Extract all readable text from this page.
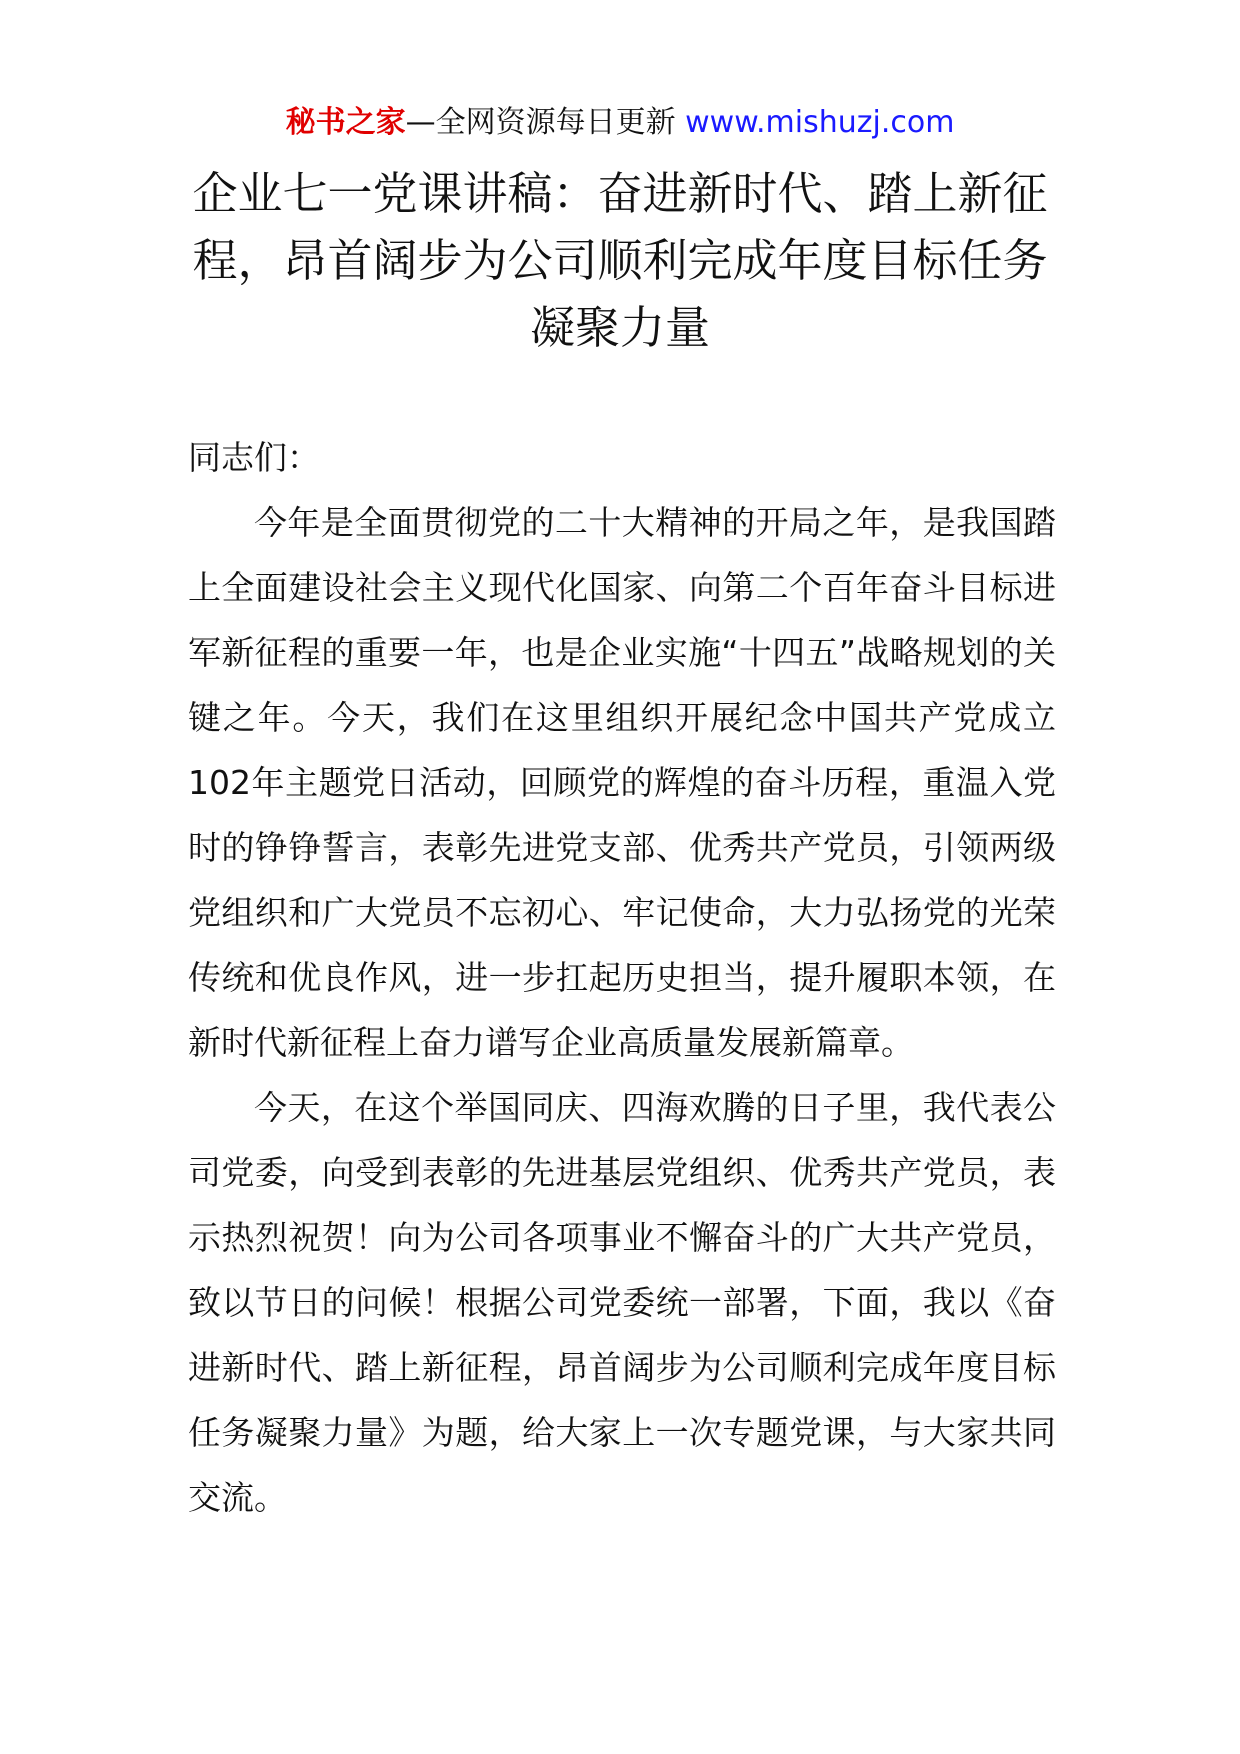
秘书之家—全网资源每日更新 www.mishuzj.com
企业七一党课讲稿：奋进新时代、踏上新征程，昂首阔步为公司顺利完成年度目标任务凝聚力量

同志们：

今年是全面贯彻党的二十大精神的开局之年，是我国踏上全面建设社会主义现代化国家、向第二个百年奋斗目标进军新征程的重要一年，也是企业实施“十四五”战略规划的关键之年。今天，我们在这里组织开展纪念中国共产党成立102年主题党日活动，回顾党的辉煌的奋斗历程，重温入党时的铮铮誓言，表彰先进党支部、优秀共产党员，引领两级党组织和广大党员不忘初心、牢记使命，大力弘扬党的光荣传统和优良作风，进一步扛起历史担当，提升履职本领，在新时代新征程上奋力谱写企业高质量发展新篇章。

今天，在这个举国同庆、四海欢腾的日子里，我代表公司党委，向受到表彰的先进基层党组织、优秀共产党员，表示热烈祝贺！向为公司各项事业不懈奋斗的广大共产党员，致以节日的问候！根据公司党委统一部署，下面，我以《奋进新时代、踏上新征程，昂首阔步为公司顺利完成年度目标任务凝聚力量》为题，给大家上一次专题党课，与大家共同交流。
